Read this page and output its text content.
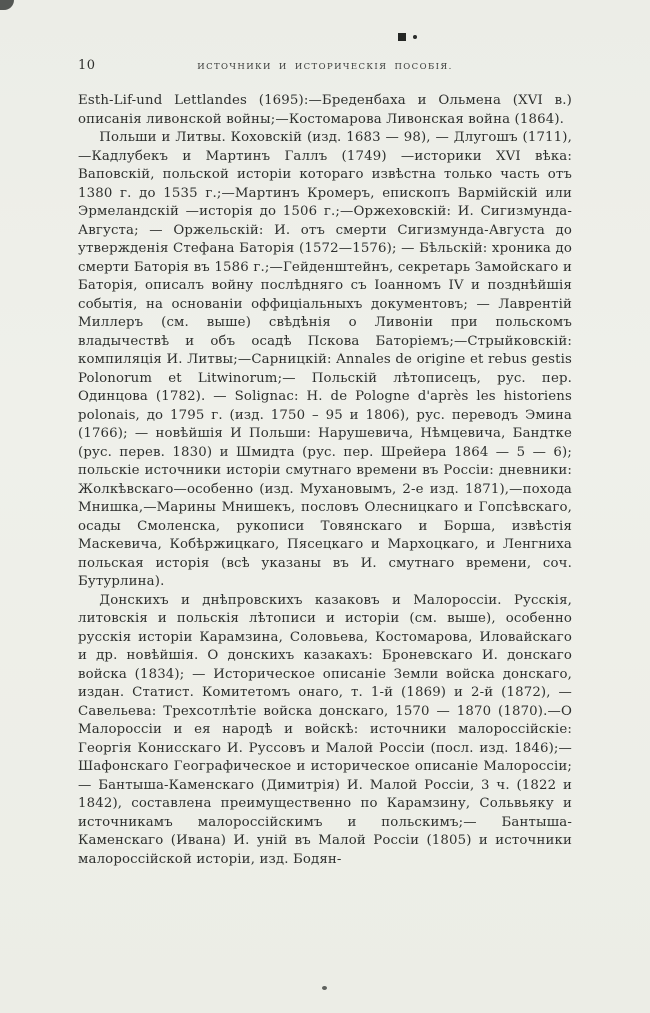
10	ИСТОЧНИКИ И ИСТОРИЧЕСКІЯ ПОСОБІЯ.

Esth-Lif-und Lettlandes (1695):—Бреденбаха и Ольмена (XVI в.) описанія ливонской войны;—Костомарова Ливонская война (1864).

Польши и Литвы. Коховскій (изд. 1683 — 98), — Длугошъ (1711),—Кадлубекъ и Мартинъ Галлъ (1749) —историки XVI вѣка: Ваповскій, польской исторіи котораго извѣстна только часть отъ 1380 г. до 1535 г.;—Мартинъ Кромеръ, епископъ Вармійскій или Эрмеландскій —исторія до 1506 г.;—Оржеховскій: И. Сигизмунда-Августа; — Оржельскій: И. отъ смерти Сигизмунда-Августа до утвержденія Стефана Баторія (1572—1576); — Бѣльскій: хроника до смерти Баторія въ 1586 г.;—Гейденштейнъ, секретарь Замойскаго и Баторія, описалъ войну послѣдняго съ Іоанномъ IV и позднѣйшія событія, на основаніи оффиціальныхъ документовъ; — Лаврентій Миллеръ (см. выше) свѣдѣнія о Ливоніи при польскомъ владычествѣ и объ осадѣ Пскова Баторіемъ;—Стрыйковскій: компиляція И. Литвы;—Сарницкій: Annales de origine et rebus gestis Polonorum et Litwinorum;— Польскій лѣтописецъ, рус. пер. Одинцова (1782). — Solignac: H. de Pologne d'après les historiens polonais, до 1795 г. (изд. 1750 – 95 и 1806), рус. переводъ Эмина (1766); — новѣйшія И Польши: Нарушевича, Нѣмцевича, Бандтке (рус. перев. 1830) и Шмидта (рус. пер. Шрейера 1864 — 5 — 6); польскіе источники исторіи смутнаго времени въ Россіи: дневники: Жолкѣвскаго—особенно (изд. Мухановымъ, 2-е изд. 1871),—похода Мнишка,—Марины Мнишекъ, пословъ Олесницкаго и Гопсѣвскаго, осады Смоленска, рукописи Товянскаго и Борша, извѣстія Маскевича, Кобѣржицкаго, Пясецкаго и Мархоцкаго, и Ленгниха польская исторія (всѣ указаны въ И. смутнаго времени, соч. Бутурлина).

Донскихъ и днѣпровскихъ казаковъ и Малороссіи. Русскія, литовскія и польскія лѣтописи и исторіи (см. выше), особенно русскія исторіи Карамзина, Соловьева, Костомарова, Иловайскаго и др. новѣйшія. О донскихъ казакахъ: Броневскаго И. донскаго войска (1834); — Историческое описаніе Земли войска донскаго, издан. Статист. Комитетомъ онаго, т. 1-й (1869) и 2-й (1872), — Савельева: Трехсотлѣтіе войска донскаго, 1570 — 1870 (1870).—О Малороссіи и ея народѣ и войскѣ: источники малороссійскіе: Георгія Конисскаго И. Руссовъ и Малой Россіи (посл. изд. 1846);—Шафонскаго Географическое и историческое описаніе Малороссіи; — Бантыша-Каменскаго (Димитрія) И. Малой Россіи, 3 ч. (1822 и 1842), составлена преимущественно по Карамзину, Сольвьяку и источникамъ малороссійскимъ и польскимъ;— Бантыша-Каменскаго (Ивана) И. уній въ Малой Россіи (1805) и источники малороссійской исторіи, изд. Бодян-
